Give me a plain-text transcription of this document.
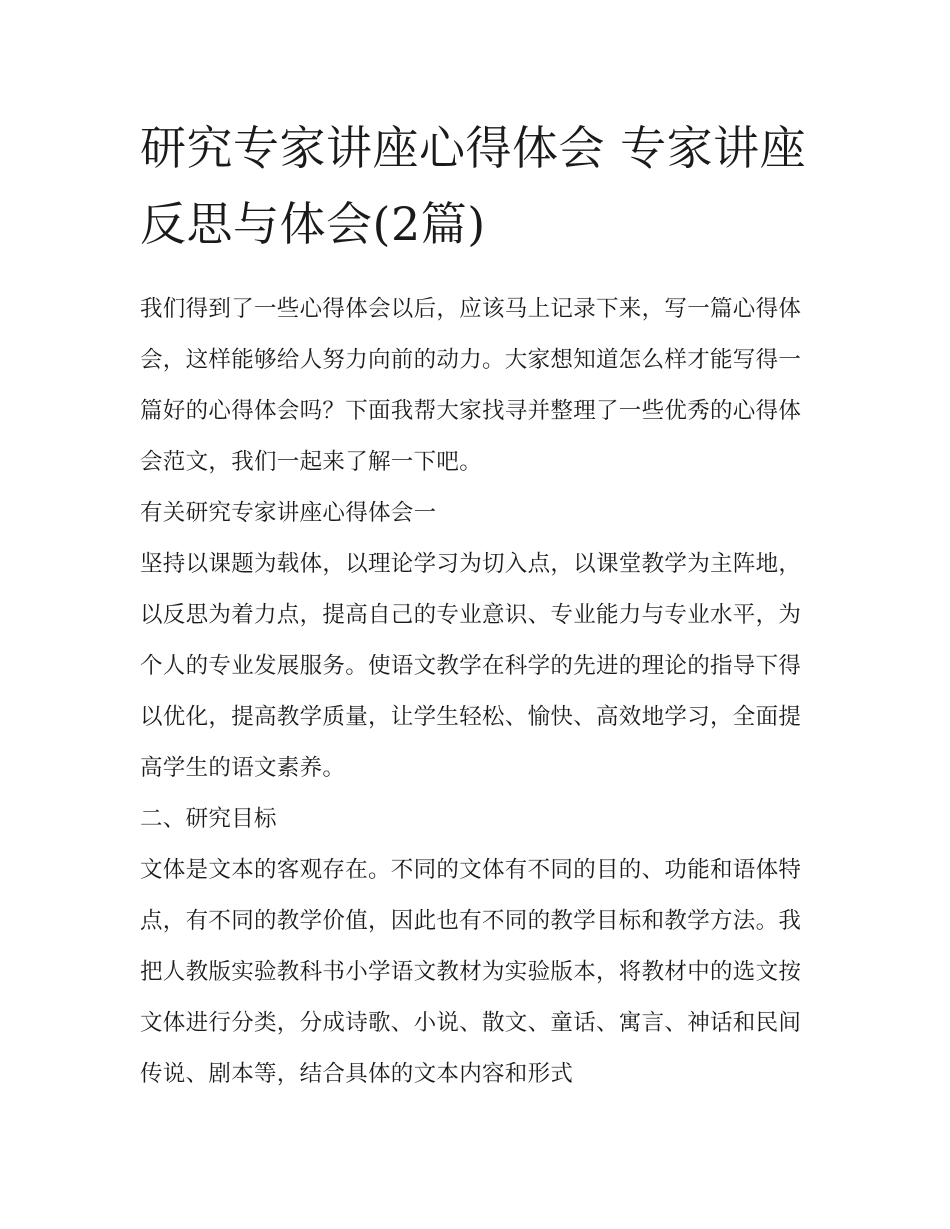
研究专家讲座心得体会 专家讲座反思与体会(2篇)

我们得到了一些心得体会以后，应该马上记录下来，写一篇心得体会，这样能够给人努力向前的动力。大家想知道怎么样才能写得一篇好的心得体会吗？下面我帮大家找寻并整理了一些优秀的心得体会范文，我们一起来了解一下吧。

有关研究专家讲座心得体会一

坚持以课题为载体，以理论学习为切入点，以课堂教学为主阵地，以反思为着力点，提高自己的专业意识、专业能力与专业水平，为个人的专业发展服务。使语文教学在科学的先进的理论的指导下得以优化，提高教学质量，让学生轻松、愉快、高效地学习，全面提高学生的语文素养。

二、研究目标

文体是文本的客观存在。不同的文体有不同的目的、功能和语体特点，有不同的教学价值，因此也有不同的教学目标和教学方法。我把人教版实验教科书小学语文教材为实验版本，将教材中的选文按文体进行分类，分成诗歌、小说、散文、童话、寓言、神话和民间传说、剧本等，结合具体的文本内容和形式
